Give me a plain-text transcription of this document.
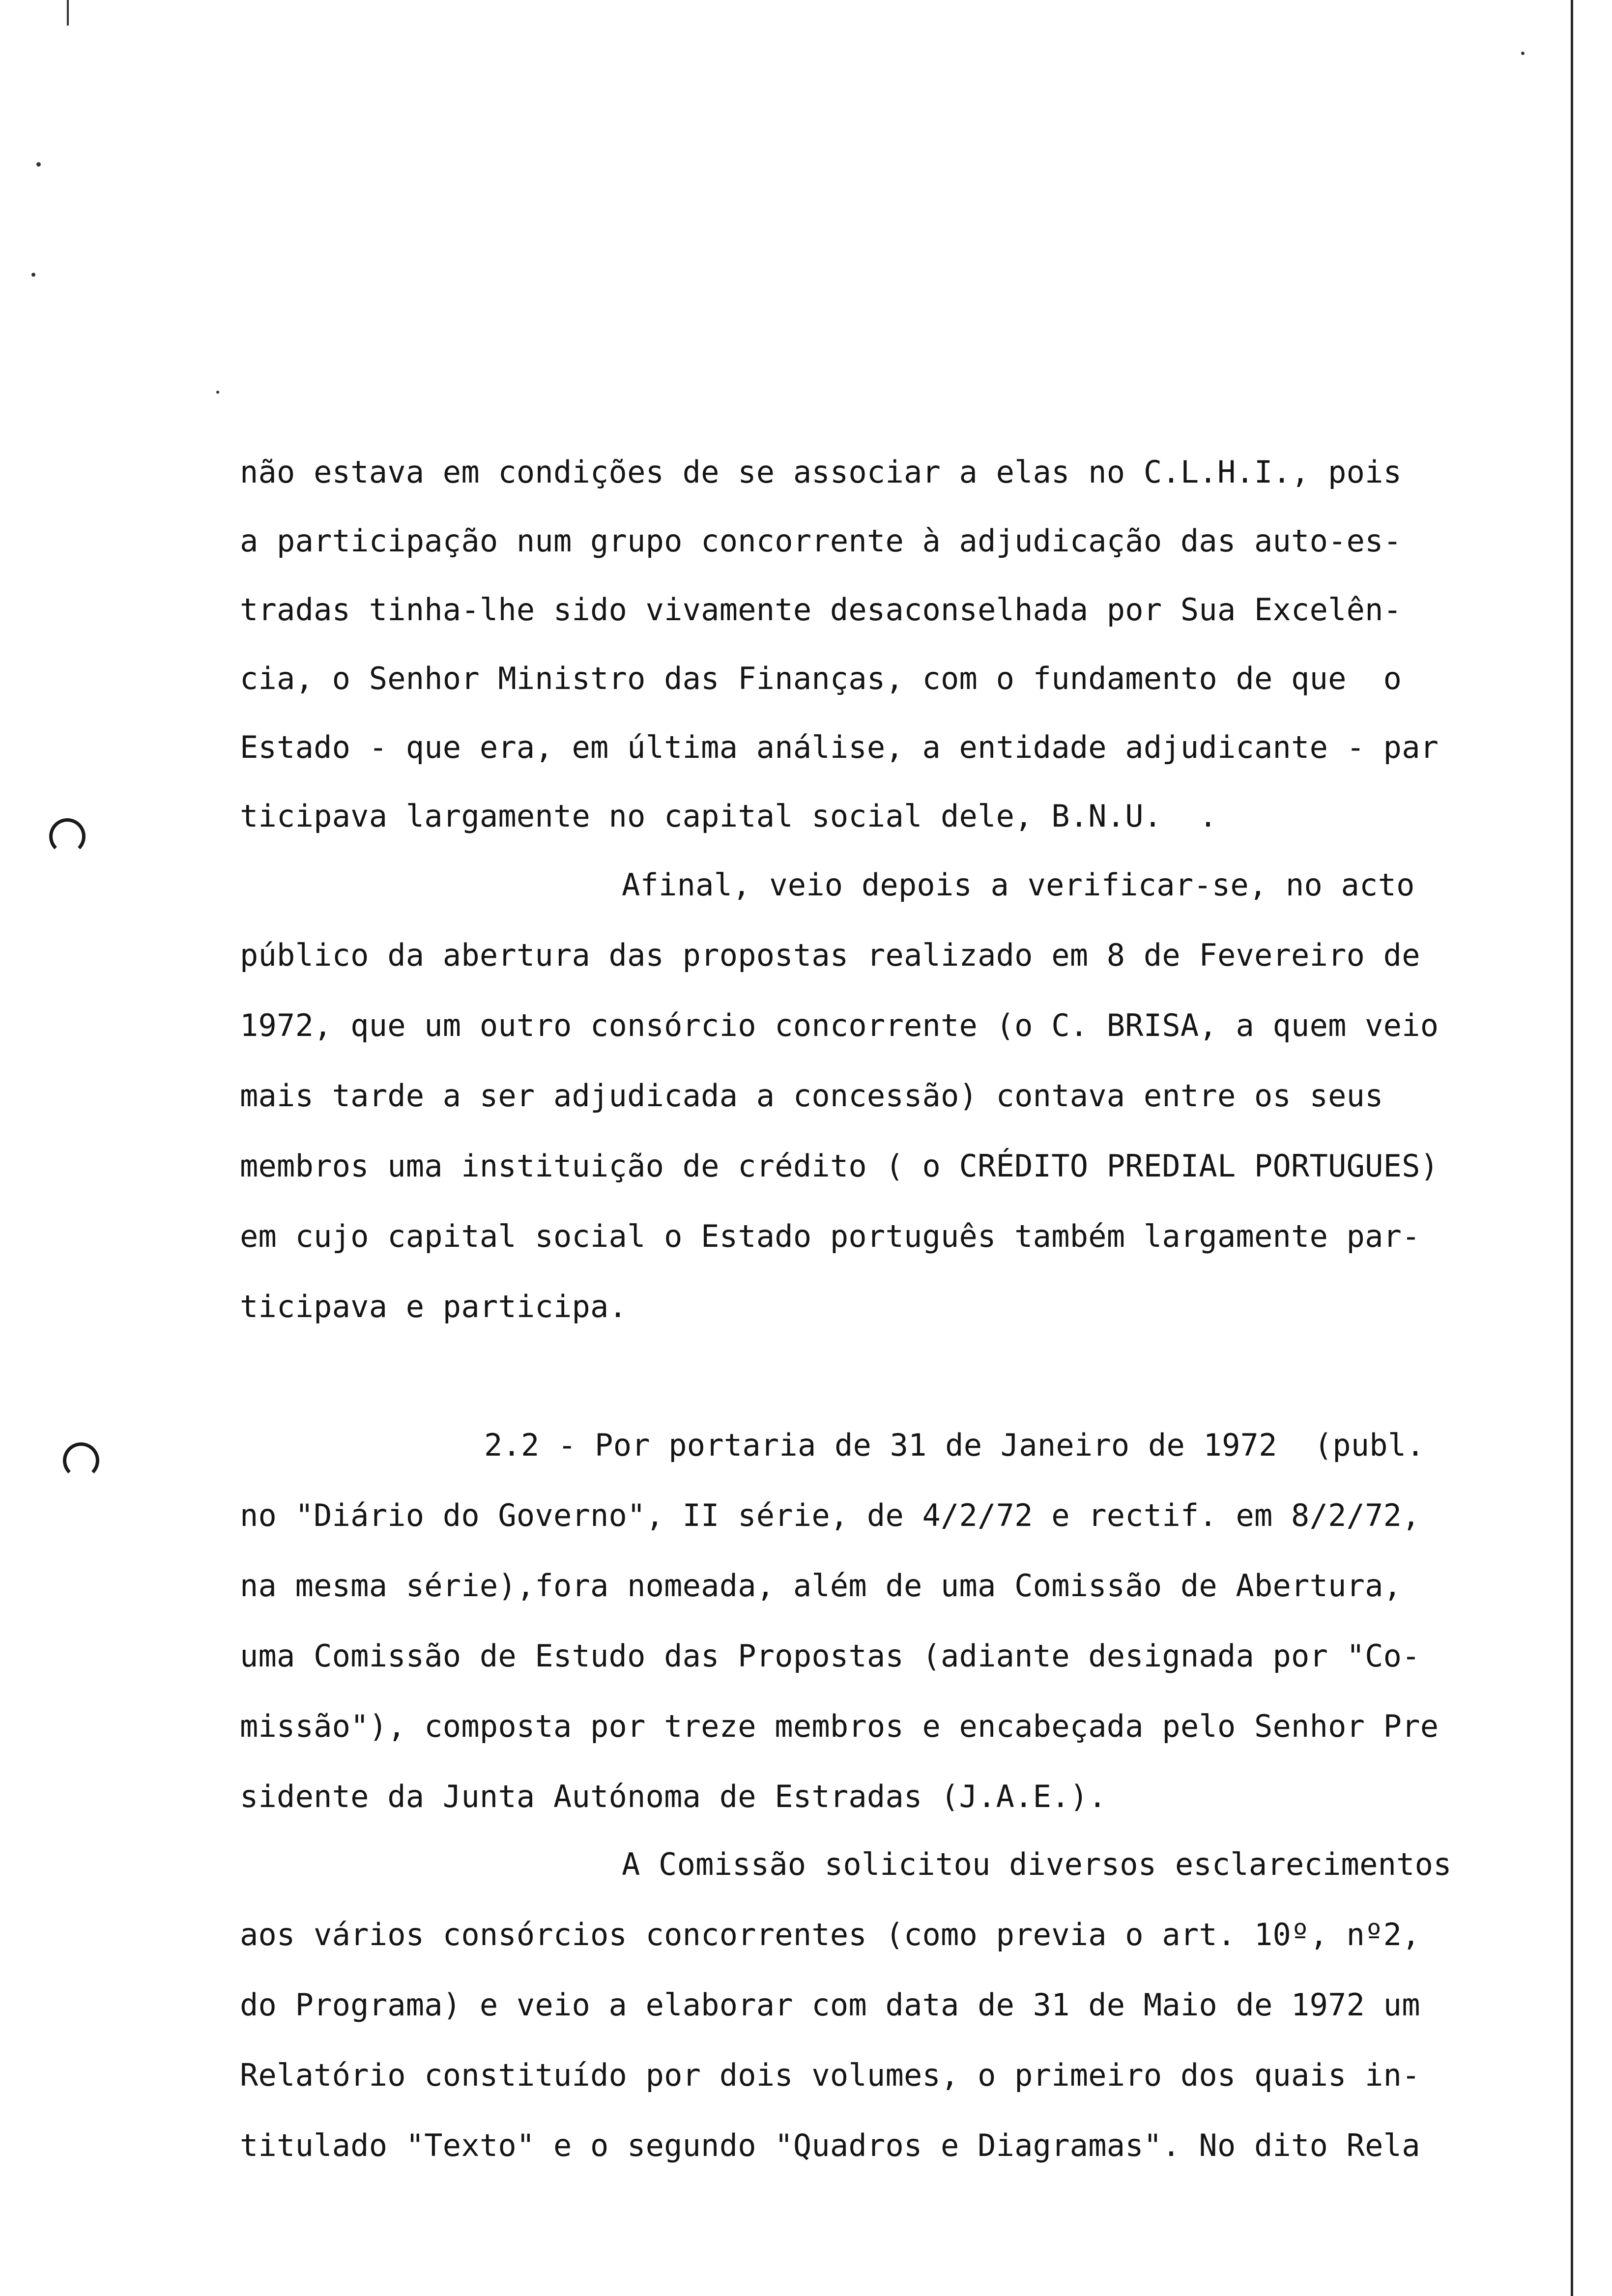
não estava em condições de se associar a elas no C.L.H.I., pois

a participação num grupo concorrente à adjudicação das auto-es-

tradas tinha-lhe sido vivamente desaconselhada por Sua Excelên-

cia, o Senhor Ministro das Finanças, com o fundamento de que  o

Estado - que era, em última análise, a entidade adjudicante - par

ticipava largamente no capital social dele, B.N.U.  .

Afinal, veio depois a verificar-se, no acto

público da abertura das propostas realizado em 8 de Fevereiro de

1972, que um outro consórcio concorrente (o C. BRISA, a quem veio

mais tarde a ser adjudicada a concessão) contava entre os seus

membros uma instituição de crédito ( o CRÉDITO PREDIAL PORTUGUES)

em cujo capital social o Estado português também largamente par-

ticipava e participa.

2.2 - Por portaria de 31 de Janeiro de 1972  (publ.

no "Diário do Governo", II série, de 4/2/72 e rectif. em 8/2/72,

na mesma série),fora nomeada, além de uma Comissão de Abertura,

uma Comissão de Estudo das Propostas (adiante designada por "Co-

missão"), composta por treze membros e encabeçada pelo Senhor Pre

sidente da Junta Autónoma de Estradas (J.A.E.).

A Comissão solicitou diversos esclarecimentos

aos vários consórcios concorrentes (como previa o art. 10º, nº2,

do Programa) e veio a elaborar com data de 31 de Maio de 1972 um

Relatório constituído por dois volumes, o primeiro dos quais in-

titulado "Texto" e o segundo "Quadros e Diagramas". No dito Rela
